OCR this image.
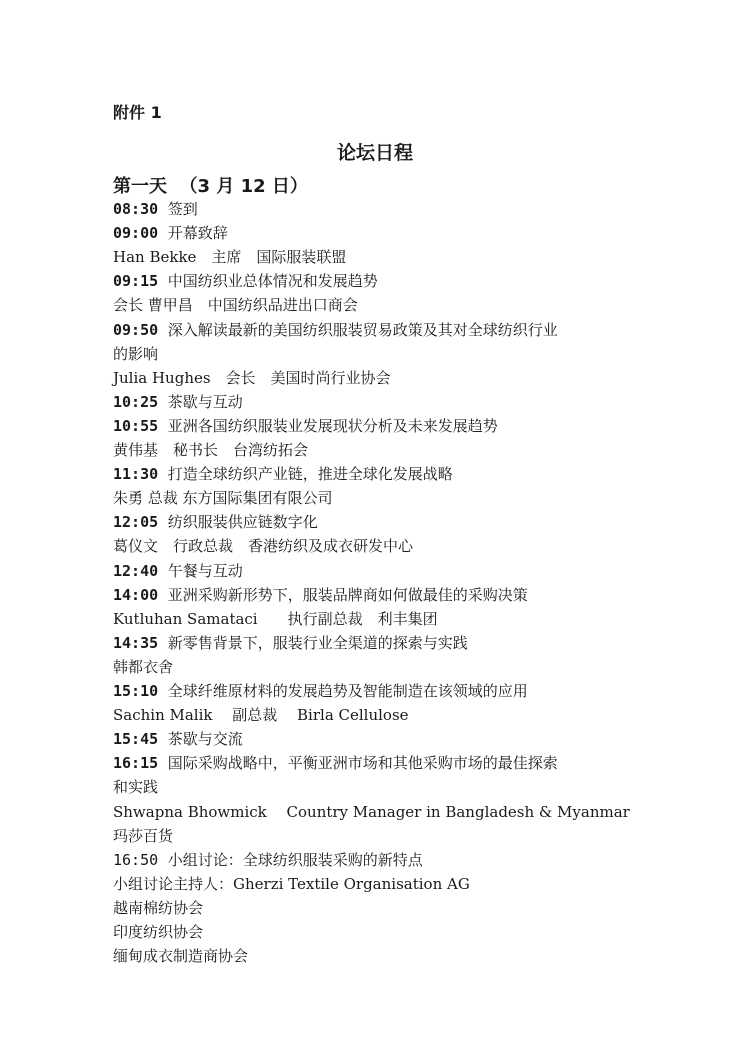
附件 1
论坛日程
第一天 （3 月 12 日）
08:30 签到
09:00 开幕致辞
Han Bekke　主席　国际服装联盟
09:15 中国纺织业总体情况和发展趋势
会长 曹甲昌　中国纺织品进出口商会
09:50 深入解读最新的美国纺织服装贸易政策及其对全球纺织行业
的影响
Julia Hughes　会长　美国时尚行业协会
10:25 茶歇与互动
10:55 亚洲各国纺织服装业发展现状分析及未来发展趋势
黄伟基　秘书长　台湾纺拓会
11:30 打造全球纺织产业链，推进全球化发展战略
朱勇 总裁 东方国际集团有限公司
12:05 纺织服装供应链数字化
葛仪文　行政总裁　香港纺织及成衣研发中心
12:40 午餐与互动
14:00 亚洲采购新形势下，服装品牌商如何做最佳的采购决策
Kutluhan Samataci　　执行副总裁　利丰集团
14:35 新零售背景下，服装行业全渠道的探索与实践
韩都衣舍
15:10 全球纤维原材料的发展趋势及智能制造在该领域的应用
Sachin Malik　 副总裁　 Birla Cellulose
15:45 茶歇与交流
16:15 国际采购战略中，平衡亚洲市场和其他采购市场的最佳探索
和实践
Shwapna Bhowmick　 Country Manager in Bangladesh & Myanmar
玛莎百货
16:50 小组讨论：全球纺织服装采购的新特点
小组讨论主持人：Gherzi Textile Organisation AG
越南棉纺协会
印度纺织协会
缅甸成衣制造商协会
